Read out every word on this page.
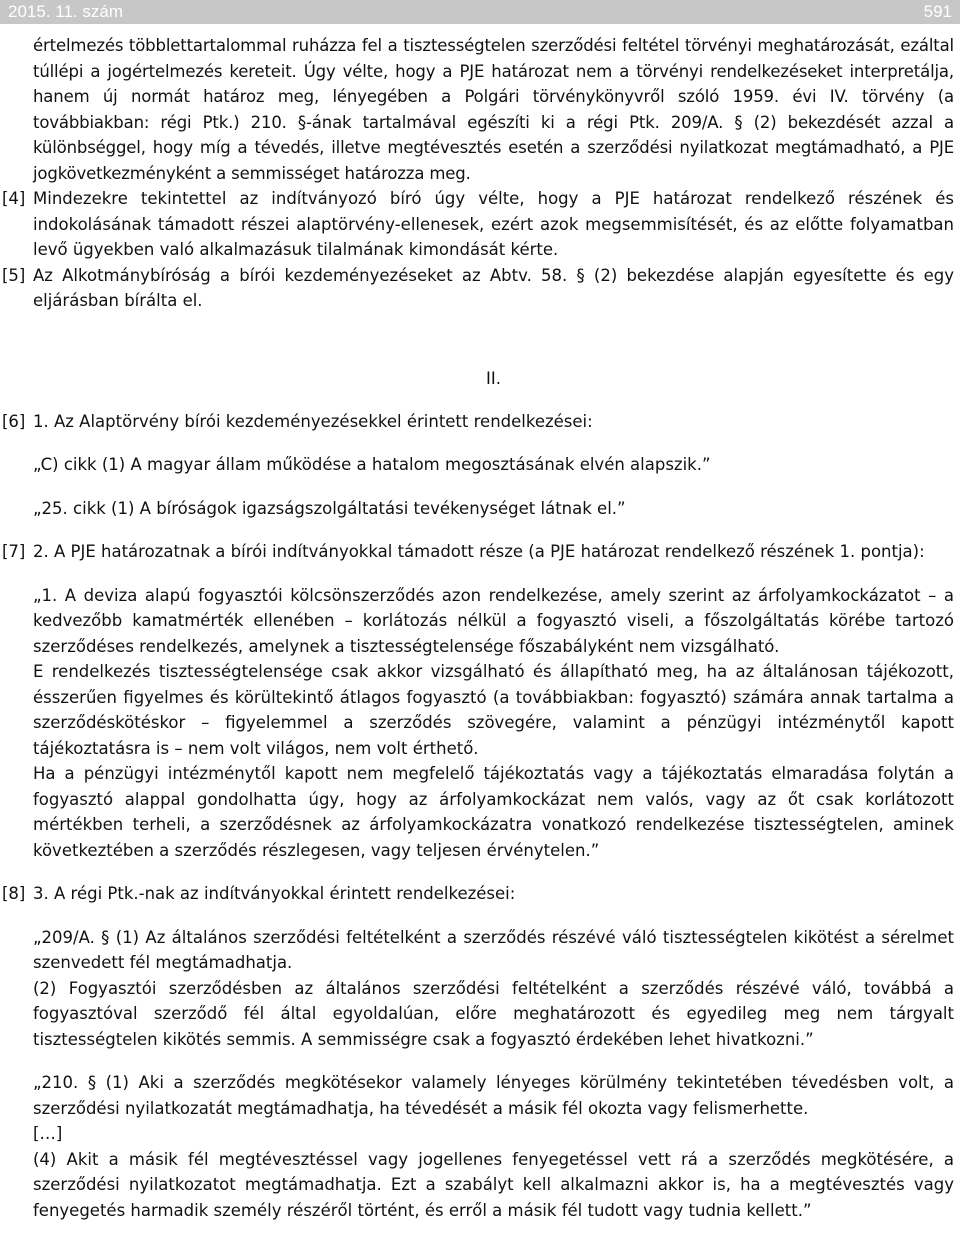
2015. 11. szám	591

értelmezés többlettartalommal ruházza fel a tisztességtelen szerződési feltétel törvényi meghatározását, ezáltal túllépi a jogértelmezés kereteit. Úgy vélte, hogy a PJE határozat nem a törvényi rendelkezéseket interpretálja, hanem új normát határoz meg, lényegében a Polgári törvénykönyvről szóló 1959. évi IV. törvény (a továbbiakban: régi Ptk.) 210. §-ának tartalmával egészíti ki a régi Ptk. 209/A. § (2) bekezdését azzal a különbséggel, hogy míg a tévedés, illetve megtévesztés esetén a szerződési nyilatkozat megtámadható, a PJE jogkövetkezményként a semmisséget határozza meg.

[4] Mindezekre tekintettel az indítványozó bíró úgy vélte, hogy a PJE határozat rendelkező részének és indokolásának támadott részei alaptörvény-ellenesek, ezért azok megsemmisítését, és az előtte folyamatban levő ügyekben való alkalmazásuk tilalmának kimondását kérte.

[5] Az Alkotmánybíróság a bírói kezdeményezéseket az Abtv. 58. § (2) bekezdése alapján egyesítette és egy eljárásban bírálta el.

II.

[6] 1. Az Alaptörvény bírói kezdeményezésekkel érintett rendelkezései:

„C) cikk (1) A magyar állam működése a hatalom megosztásának elvén alapszik.”

„25. cikk (1) A bíróságok igazságszolgáltatási tevékenységet látnak el.”

[7] 2. A PJE határozatnak a bírói indítványokkal támadott része (a PJE határozat rendelkező részének 1. pontja):

„1. A deviza alapú fogyasztói kölcsönszerződés azon rendelkezése, amely szerint az árfolyamkockázatot – a kedvezőbb kamatmérték ellenében – korlátozás nélkül a fogyasztó viseli, a főszolgáltatás körébe tartozó szerződéses rendelkezés, amelynek a tisztességtelensége főszabályként nem vizsgálható.

E rendelkezés tisztességtelensége csak akkor vizsgálható és állapítható meg, ha az általánosan tájékozott, ésszerűen figyelmes és körültekintő átlagos fogyasztó (a továbbiakban: fogyasztó) számára annak tartalma a szerződéskötéskor – figyelemmel a szerződés szövegére, valamint a pénzügyi intézménytől kapott tájékoztatásra is – nem volt világos, nem volt érthető.

Ha a pénzügyi intézménytől kapott nem megfelelő tájékoztatás vagy a tájékoztatás elmaradása folytán a fogyasztó alappal gondolhatta úgy, hogy az árfolyamkockázat nem valós, vagy az őt csak korlátozott mértékben terheli, a szerződésnek az árfolyamkockázatra vonatkozó rendelkezése tisztességtelen, aminek következtében a szerződés részlegesen, vagy teljesen érvénytelen.”

[8] 3. A régi Ptk.-nak az indítványokkal érintett rendelkezései:

„209/A. § (1) Az általános szerződési feltételként a szerződés részévé váló tisztességtelen kikötést a sérelmet szenvedett fél megtámadhatja.

(2) Fogyasztói szerződésben az általános szerződési feltételként a szerződés részévé váló, továbbá a fogyasztóval szerződő fél által egyoldalúan, előre meghatározott és egyedileg meg nem tárgyalt tisztességtelen kikötés semmis. A semmisségre csak a fogyasztó érdekében lehet hivatkozni.”

„210. § (1) Aki a szerződés megkötésekor valamely lényeges körülmény tekintetében tévedésben volt, a szerződési nyilatkozatát megtámadhatja, ha tévedését a másik fél okozta vagy felismerhette.

[…]

(4) Akit a másik fél megtévesztéssel vagy jogellenes fenyegetéssel vett rá a szerződés megkötésére, a szerződési nyilatkozatot megtámadhatja. Ezt a szabályt kell alkalmazni akkor is, ha a megtévesztés vagy fenyegetés harmadik személy részéről történt, és erről a másik fél tudott vagy tudnia kellett.”
